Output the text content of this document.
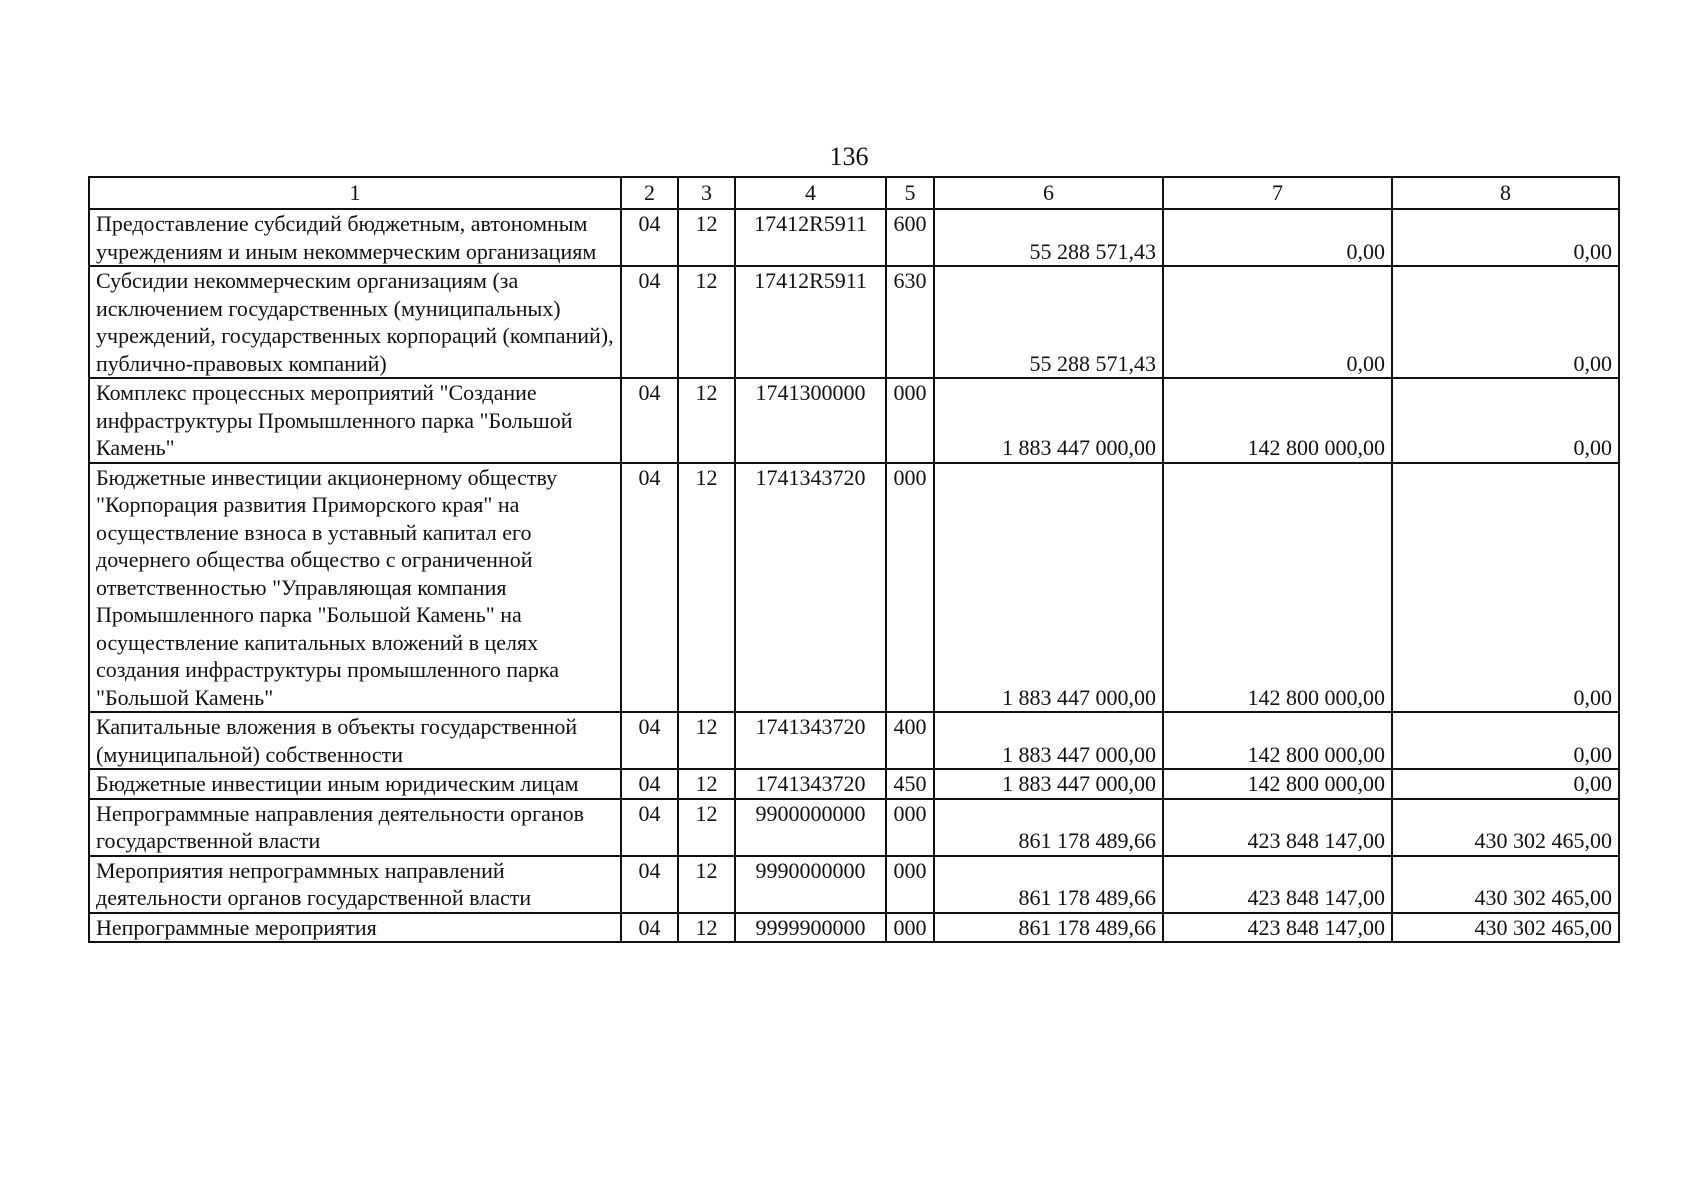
136
1	2	3	4	5	6	7	8
Предоставление субсидий бюджетным, автономным учреждениям и иным некоммерческим организациям	04	12	17412R5911	600	55 288 571,43	0,00	0,00
Субсидии некоммерческим организациям (за исключением государственных (муниципальных) учреждений, государственных корпораций (компаний), публично-правовых компаний)	04	12	17412R5911	630	55 288 571,43	0,00	0,00
Комплекс процессных мероприятий "Создание инфраструктуры Промышленного парка "Большой Камень"	04	12	1741300000	000	1 883 447 000,00	142 800 000,00	0,00
Бюджетные инвестиции акционерному обществу "Корпорация развития Приморского края" на осуществление взноса в уставный капитал его дочернего общества общество с ограниченной ответственностью "Управляющая компания Промышленного парка "Большой Камень" на осуществление капитальных вложений в целях создания инфраструктуры промышленного парка "Большой Камень"	04	12	1741343720	000	1 883 447 000,00	142 800 000,00	0,00
Капитальные вложения в объекты государственной (муниципальной) собственности	04	12	1741343720	400	1 883 447 000,00	142 800 000,00	0,00
Бюджетные инвестиции иным юридическим лицам	04	12	1741343720	450	1 883 447 000,00	142 800 000,00	0,00
Непрограммные направления деятельности органов государственной власти	04	12	9900000000	000	861 178 489,66	423 848 147,00	430 302 465,00
Мероприятия непрограммных направлений деятельности органов государственной власти	04	12	9990000000	000	861 178 489,66	423 848 147,00	430 302 465,00
Непрограммные мероприятия	04	12	9999900000	000	861 178 489,66	423 848 147,00	430 302 465,00
